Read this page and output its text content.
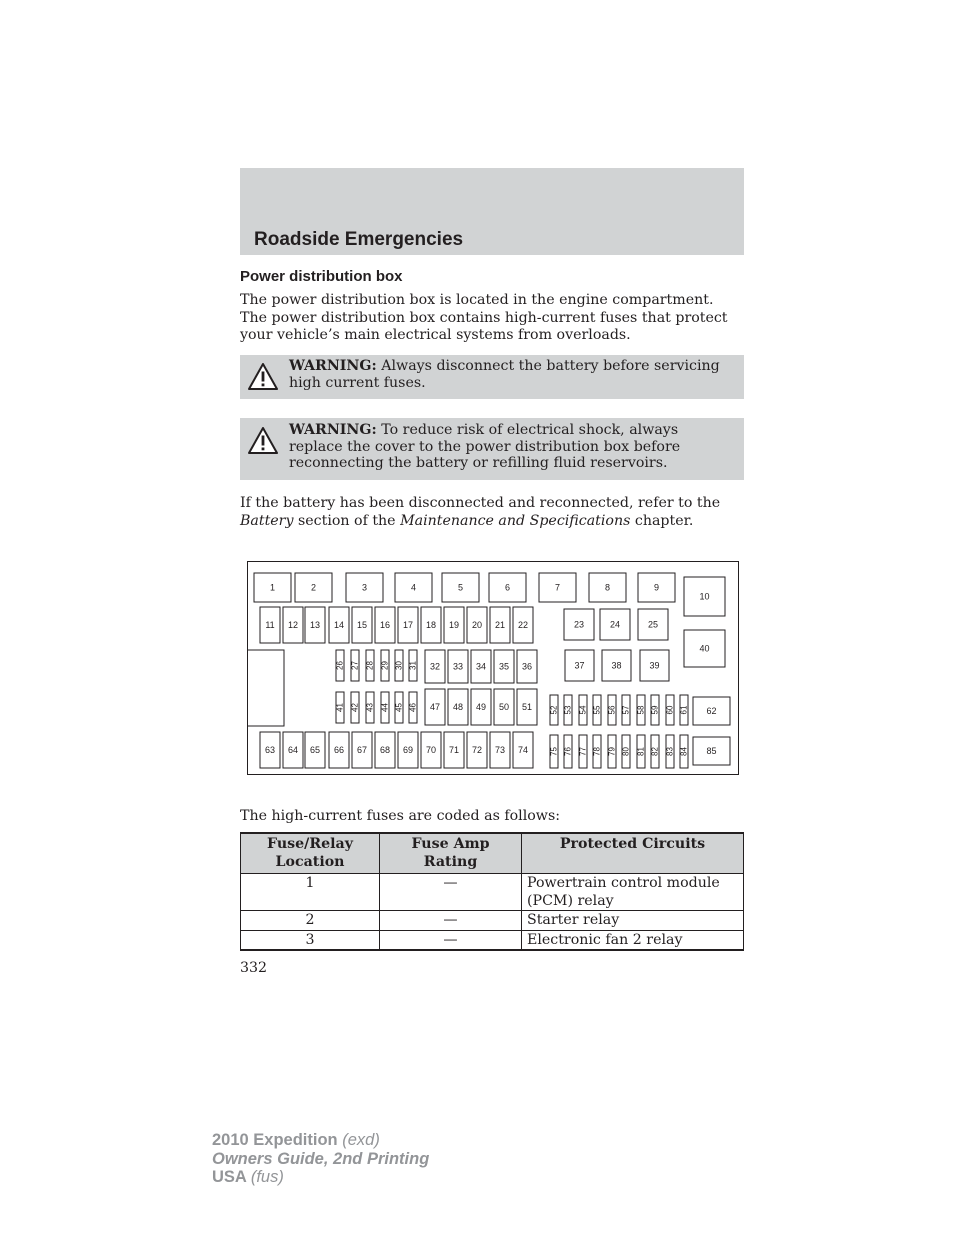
Roadside Emergencies
Power distribution box

The power distribution box is located in the engine compartment. The power distribution box contains high-current fuses that protect your vehicle’s main electrical systems from overloads.

WARNING: Always disconnect the battery before servicing high current fuses.
WARNING: To reduce risk of electrical shock, always replace the cover to the power distribution box before reconnecting the battery or refilling fluid reservoirs.

If the battery has been disconnected and reconnected, refer to the Battery section of the Maintenance and Specifications chapter.

1	2	3	4	5	6	7	8	9
10
11 12 13 14 15 16 17 18 19 20 21 22	23	24	25
26 27 28 29 30 31 32 33 34 35 36	37	38	39
40
41 42 43 44 45 46 47 48 49 50 51 52 53 54 55 56 57 58 59 60 61 62
63 64 65 66 67 68 69 70 71 72 73 74	75 76 77 78 79 80 81 82 83 84 85

The high-current fuses are coded as follows:

Fuse/Relay Location	Fuse Amp Rating	Protected Circuits
1	—	Powertrain control module (PCM) relay
2	—	Starter relay
3	—	Electronic fan 2 relay

332

2010 Expedition (exd)
Owners Guide, 2nd Printing
USA (fus)
